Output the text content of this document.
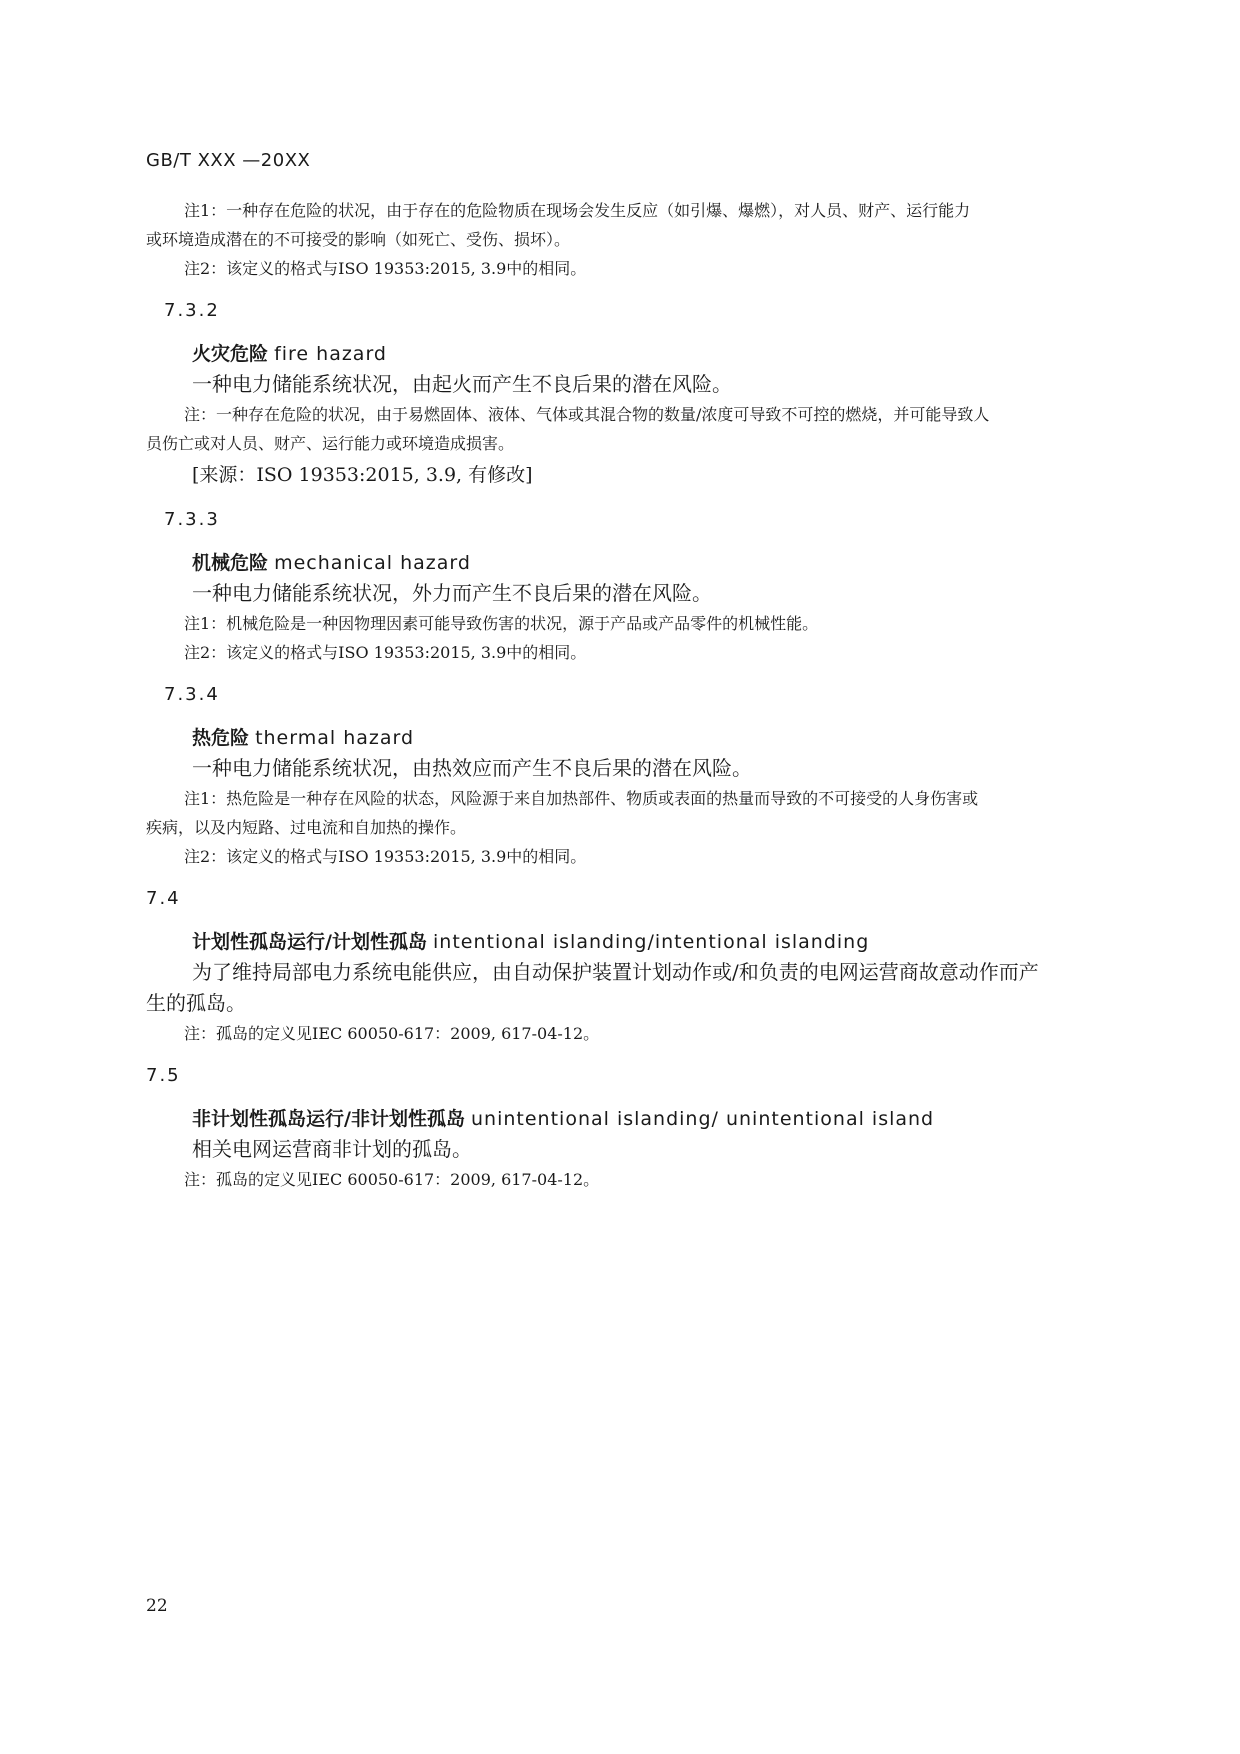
GB/T XXX —20XX

注1：一种存在危险的状况，由于存在的危险物质在现场会发生反应（如引爆、爆燃），对人员、财产、运行能力

或环境造成潜在的不可接受的影响（如死亡、受伤、损坏）。

注2：该定义的格式与ISO 19353:2015, 3.9中的相同。

7.3.2

火灾危险 fire hazard

一种电力储能系统状况，由起火而产生不良后果的潜在风险。

注：一种存在危险的状况，由于易燃固体、液体、气体或其混合物的数量/浓度可导致不可控的燃烧，并可能导致人

员伤亡或对人员、财产、运行能力或环境造成损害。

[来源：ISO 19353:2015, 3.9, 有修改]

7.3.3

机械危险 mechanical hazard

一种电力储能系统状况，外力而产生不良后果的潜在风险。

注1：机械危险是一种因物理因素可能导致伤害的状况，源于产品或产品零件的机械性能。

注2：该定义的格式与ISO 19353:2015, 3.9中的相同。

7.3.4

热危险 thermal hazard

一种电力储能系统状况，由热效应而产生不良后果的潜在风险。

注1：热危险是一种存在风险的状态，风险源于来自加热部件、物质或表面的热量而导致的不可接受的人身伤害或

疾病，以及内短路、过电流和自加热的操作。

注2：该定义的格式与ISO 19353:2015, 3.9中的相同。

7.4

计划性孤岛运行/计划性孤岛 intentional islanding/intentional islanding

为了维持局部电力系统电能供应，由自动保护装置计划动作或/和负责的电网运营商故意动作而产

生的孤岛。

注：孤岛的定义见IEC 60050-617：2009, 617-04-12。

7.5

非计划性孤岛运行/非计划性孤岛 unintentional islanding/ unintentional island

相关电网运营商非计划的孤岛。

注：孤岛的定义见IEC 60050-617：2009, 617-04-12。

22
